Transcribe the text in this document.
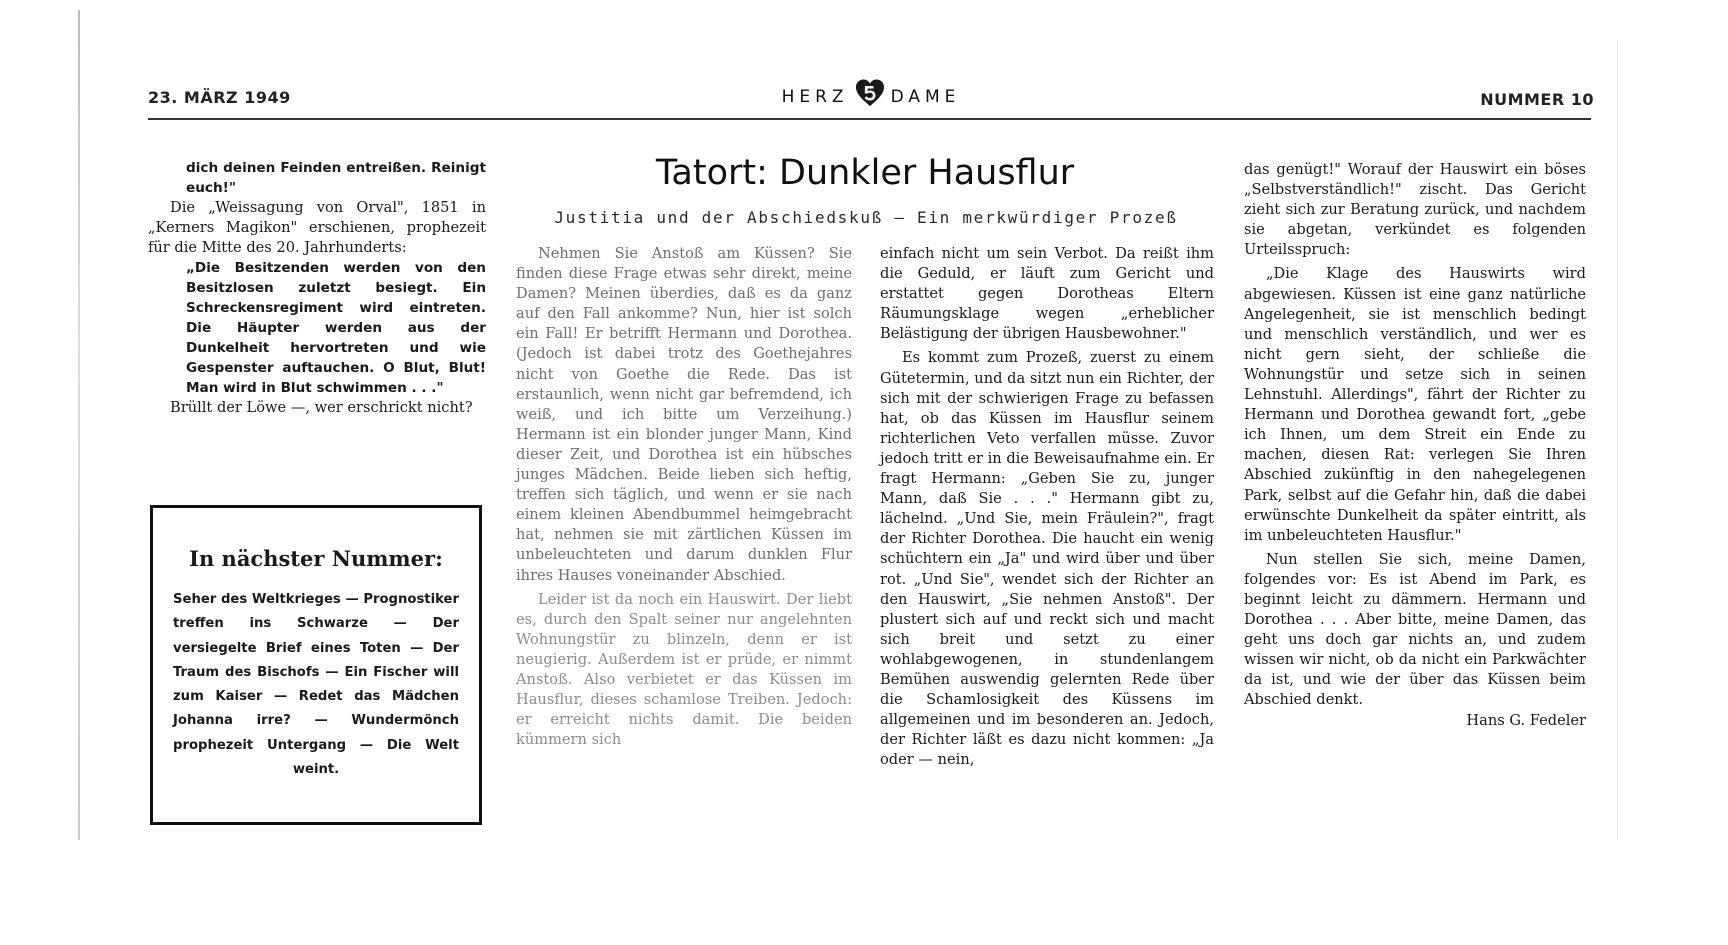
23. MÄRZ 1949	HERZ DAME	NUMMER 10

dich deinen Feinden entreißen. Reinigt euch!"

Die „Weissagung von Orval", 1851 in „Kerners Magikon" erschienen, prophezeit für die Mitte des 20. Jahrhunderts:

„Die Besitzenden werden von den Besitzlosen zuletzt besiegt. Ein Schreckensregiment wird eintreten. Die Häupter werden aus der Dunkelheit hervortreten und wie Gespenster auftauchen. O Blut, Blut! Man wird in Blut schwimmen . . ."

Brüllt der Löwe —, wer erschrickt nicht?

In nächster Nummer:
Seher des Weltkrieges — Prognostiker treffen ins Schwarze — Der versiegelte Brief eines Toten — Der Traum des Bischofs — Ein Fischer will zum Kaiser — Redet das Mädchen Johanna irre? — Wundermönch prophezeit Untergang — Die Welt weint.
Tatort: Dunkler Hausflur
Justitia und der Abschiedskuß — Ein merkwürdiger Prozeß

Nehmen Sie Anstoß am Küssen? Sie finden diese Frage etwas sehr direkt, meine Damen? Meinen überdies, daß es da ganz auf den Fall ankomme? Nun, hier ist solch ein Fall! Er betrifft Hermann und Dorothea. (Jedoch ist dabei trotz des Goethejahres nicht von Goethe die Rede. Das ist erstaunlich, wenn nicht gar befremdend, ich weiß, und ich bitte um Verzeihung.) Hermann ist ein blonder junger Mann, Kind dieser Zeit, und Dorothea ist ein hübsches junges Mädchen. Beide lieben sich heftig, treffen sich täglich, und wenn er sie nach einem kleinen Abendbummel heimgebracht hat, nehmen sie mit zärtlichen Küssen im unbeleuchteten und darum dunklen Flur ihres Hauses voneinander Abschied.

Leider ist da noch ein Hauswirt. Der liebt es, durch den Spalt seiner nur angelehnten Wohnungstür zu blinzeln, denn er ist neugierig. Außerdem ist er prüde, er nimmt Anstoß. Also verbietet er das Küssen im Hausflur, dieses schamlose Treiben. Jedoch: er erreicht nichts damit. Die beiden kümmern sich

einfach nicht um sein Verbot. Da reißt ihm die Geduld, er läuft zum Gericht und erstattet gegen Dorotheas Eltern Räumungsklage wegen „erheblicher Belästigung der übrigen Hausbewohner."

Es kommt zum Prozeß, zuerst zu einem Gütetermin, und da sitzt nun ein Richter, der sich mit der schwierigen Frage zu befassen hat, ob das Küssen im Hausflur seinem richterlichen Veto verfallen müsse. Zuvor jedoch tritt er in die Beweisaufnahme ein. Er fragt Hermann: „Geben Sie zu, junger Mann, daß Sie . . ." Hermann gibt zu, lächelnd. „Und Sie, mein Fräulein?", fragt der Richter Dorothea. Die haucht ein wenig schüchtern ein „Ja" und wird über und über rot. „Und Sie", wendet sich der Richter an den Hauswirt, „Sie nehmen Anstoß". Der plustert sich auf und reckt sich und macht sich breit und setzt zu einer wohlabgewogenen, in stundenlangem Bemühen auswendig gelernten Rede über die Schamlosigkeit des Küssens im allgemeinen und im besonderen an. Jedoch, der Richter läßt es dazu nicht kommen: „Ja oder — nein,

das genügt!" Worauf der Hauswirt ein böses „Selbstverständlich!" zischt. Das Gericht zieht sich zur Beratung zurück, und nachdem sie abgetan, verkündet es folgenden Urteilsspruch:

„Die Klage des Hauswirts wird abgewiesen. Küssen ist eine ganz natürliche Angelegenheit, sie ist menschlich bedingt und menschlich verständlich, und wer es nicht gern sieht, der schließe die Wohnungstür und setze sich in seinen Lehnstuhl. Allerdings", fährt der Richter zu Hermann und Dorothea gewandt fort, „gebe ich Ihnen, um dem Streit ein Ende zu machen, diesen Rat: verlegen Sie Ihren Abschied zukünftig in den nahegelegenen Park, selbst auf die Gefahr hin, daß die dabei erwünschte Dunkelheit da später eintritt, als im unbeleuchteten Hausflur."

Nun stellen Sie sich, meine Damen, folgendes vor: Es ist Abend im Park, es beginnt leicht zu dämmern. Hermann und Dorothea . . . Aber bitte, meine Damen, das geht uns doch gar nichts an, und zudem wissen wir nicht, ob da nicht ein Parkwächter da ist, und wie der über das Küssen beim Abschied denkt.

Hans G. Fedeler
